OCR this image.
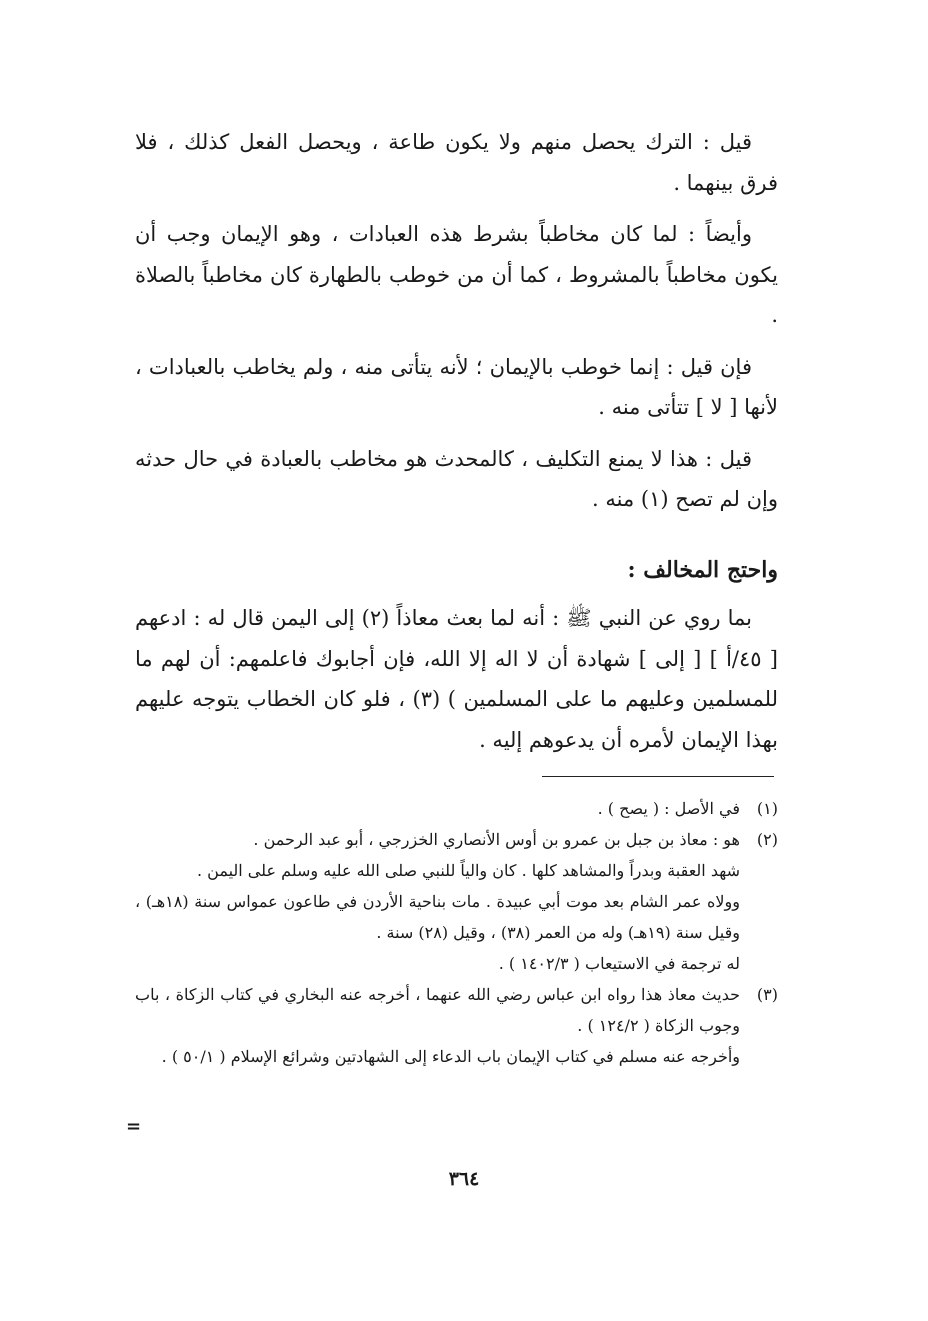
قيل : الترك يحصل منهم ولا يكون طاعة ، ويحصل الفعل كذلك ، فلا فرق بينهما .

وأيضاً : لما كان مخاطباً بشرط هذه العبادات ، وهو الإيمان وجب أن يكون مخاطباً بالمشروط ، كما أن من خوطب بالطهارة كان مخاطباً بالصلاة .

فإن قيل : إنما خوطب بالإيمان ؛ لأنه يتأتى منه ، ولم يخاطب بالعبادات ، لأنها [ لا ] تتأتى منه .

قيل : هذا لا يمنع التكليف ، كالمحدث هو مخاطب بالعبادة في حال حدثه وإن لم تصح (١) منه .

واحتج المخالف :

بما روي عن النبي ﷺ : أنه لما بعث معاذاً (٢) إلى اليمن قال له : ادعهم [ ٤٥/أ ] [ إلى ] شهادة أن لا اله إلا الله، فإن أجابوك فاعلمهم: أن لهم ما للمسلمين وعليهم ما على المسلمين ) (٣) ، فلو كان الخطاب يتوجه عليهم بهذا الإيمان لأمره أن يدعوهم إليه .

(١)
في الأصل : ( يصح ) .
(٢)
هو : معاذ بن جبل بن عمرو بن أوس الأنصاري الخزرجي ، أبو عبد الرحمن .
شهد العقبة وبدراً والمشاهد كلها . كان والياً للنبي صلى الله عليه وسلم على اليمن .
وولاه عمر الشام بعد موت أبي عبيدة . مات بناحية الأردن في طاعون عمواس سنة (١٨هـ) ، وقيل سنة (١٩هـ) وله من العمر (٣٨) ، وقيل (٢٨) سنة .
له ترجمة في الاستيعاب ( ١٤٠٢/٣ ) .
(٣)
حديث معاذ هذا رواه ابن عباس رضي الله عنهما ، أخرجه عنه البخاري في كتاب الزكاة ، باب وجوب الزكاة ( ١٢٤/٢ ) .
وأخرجه عنه مسلم في كتاب الإيمان باب الدعاء إلى الشهادتين وشرائع الإسلام ( ٥٠/١ ) .
=
٣٦٤
